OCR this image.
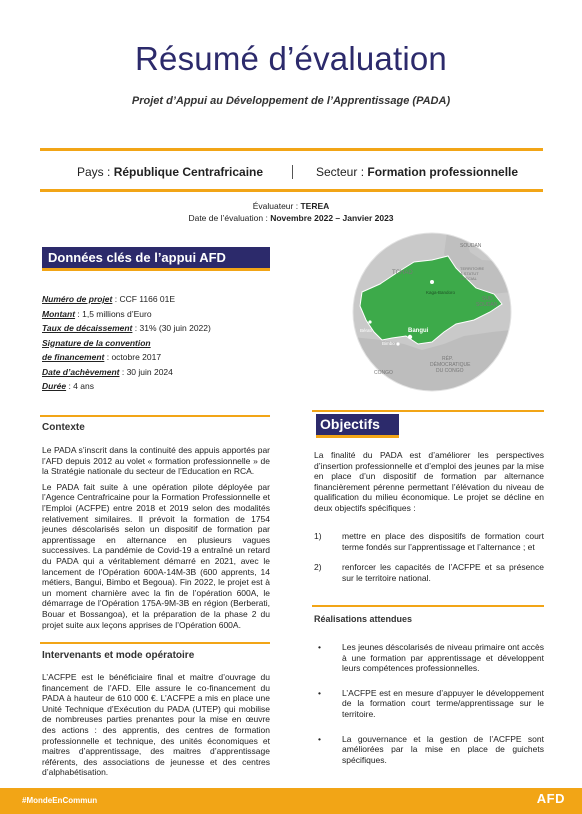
Résumé d’évaluation
Projet d’Appui au Développement de l’Apprentissage (PADA)
Pays : République Centrafricaine	Secteur : Formation professionnelle
Évaluateur : TEREA
Date de l’évaluation : Novembre 2022 – Janvier 2023
Données clés de l’appui AFD
Numéro de projet : CCF 1166 01E
Montant : 1,5 millions d’Euro
Taux de décaissement : 31% (30 juin 2022)
Signature de la convention
de financement : octobre 2017
Date d’achèvement : 30 juin 2024
Durée : 4 ans
Contexte

Le PADA s’inscrit dans la continuité des appuis apportés par l’AFD depuis 2012 au volet « formation professionnelle » de la Stratégie nationale du secteur de l’Education en RCA.

Le PADA fait suite à une opération pilote déployée par l’Agence Centrafricaine pour la Formation Professionnelle et l’Emploi (ACFPE) entre 2018 et 2019 selon des modalités relativement similaires. Il prévoit la formation de 1754 jeunes déscolarisés selon un dispositif de formation par apprentissage en alternance en plusieurs vagues successives. La pandémie de Covid-19 a entraîné un retard du PADA qui a véritablement démarré en 2021, avec le lancement de l’Opération 600A-14M-3B (600 apprents, 14 métiers, Bangui, Bimbo et Begoua). Fin 2022, le projet est à un moment charnière avec la fin de l’opération 600A, le démarrage de l’Opération 175A-9M-3B en région (Berberati, Bouar et Bossangoa), et la préparation de la phase 2 du projet suite aux leçons apprises de l’Opération 600A.

Intervenants et mode opératoire

L’ACFPE est le bénéficiaire final et maitre d’ouvrage du financement de l’AFD. Elle assure le co-financement du PADA à hauteur de 610 000 €. L’ACFPE a mis en place une Unité Technique d’Exécution du PADA (UTEP) qui mobilise de nombreuses parties prenantes pour la mise en œuvre des actions : des apprentis, des centres de formation professionnelle et technique, des unités économiques et maitres d’apprentissage, des maitres d’apprentissage référents, des associations de jeunesse et des centres d’alphabétisation.

TCHAD
SOUDAN
TERRITOIRE
À STATUT
SPÉCIAL
SUD
SOUDAN
RÉP.
DÉMOCRATIQUE
DU CONGO
CONGO
Kaga-Bandoro
Bangui
Bérati
Bimbo
Objectifs
La finalité du PADA est d’améliorer les perspectives d’insertion professionnelle et d’emploi des jeunes par la mise en place d’un dispositif de formation par alternance financièrement pérenne permettant l’élévation du niveau de qualification du milieu économique. Le projet se décline en deux objectifs spécifiques :
1) mettre en place des dispositifs de formation court terme fondés sur l’apprentissage et l’alternance ; et
2) renforcer les capacités de l’ACFPE et sa présence sur le territoire national.
Réalisations attendues
• Les jeunes déscolarisés de niveau primaire ont accès à une formation par apprentissage et développent leurs compétences professionnelles.
• L’ACFPE est en mesure d’appuyer le développement de la formation court terme/apprentissage sur le territoire.
• La gouvernance et la gestion de l’ACFPE sont améliorées par la mise en place de guichets spécifiques.
#MondeEnCommun	AFD
